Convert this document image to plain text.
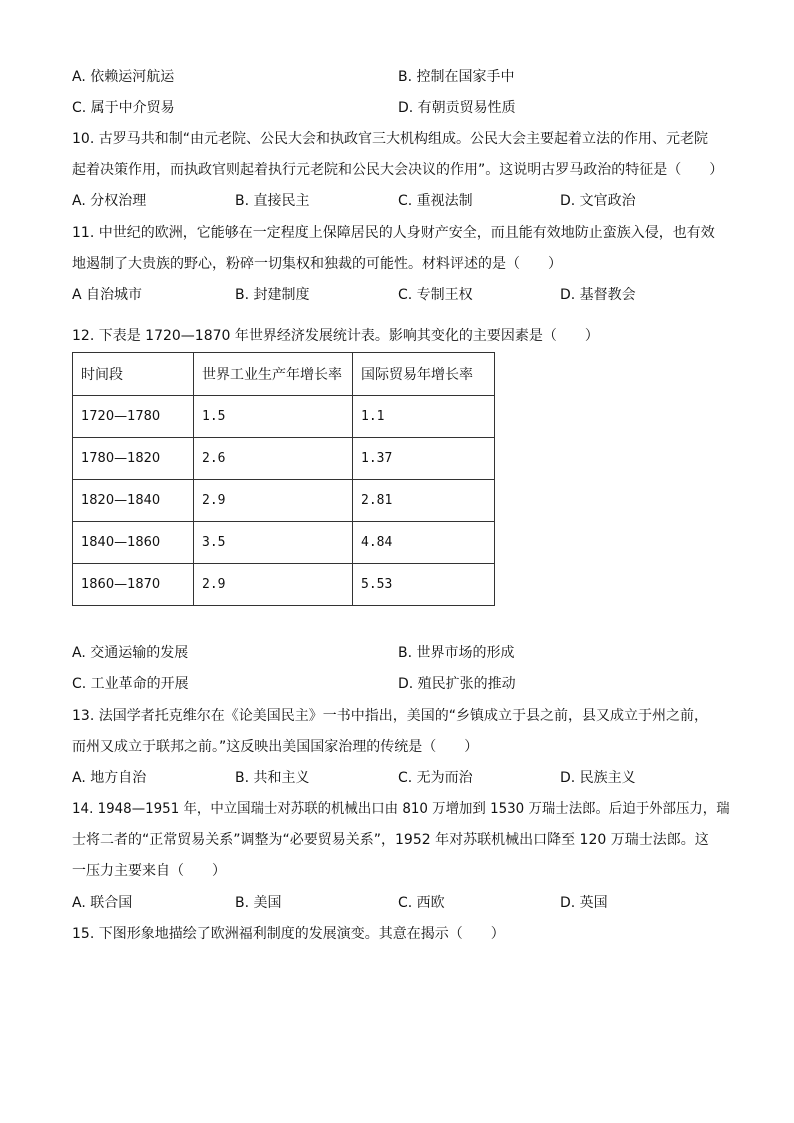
A. 依赖运河航运	B. 控制在国家手中
C. 属于中介贸易	D. 有朝贡贸易性质
10. 古罗马共和制“由元老院、公民大会和执政官三大机构组成。公民大会主要起着立法的作用、元老院
起着决策作用，而执政官则起着执行元老院和公民大会决议的作用”。这说明古罗马政治的特征是（　　）
A. 分权治理	B. 直接民主	C. 重视法制	D. 文官政治
11. 中世纪的欧洲，它能够在一定程度上保障居民的人身财产安全，而且能有效地防止蛮族入侵，也有效
地遏制了大贵族的野心，粉碎一切集权和独裁的可能性。材料评述的是（　　）
A 自治城市	B. 封建制度	C. 专制王权	D. 基督教会
12. 下表是 1720—1870 年世界经济发展统计表。影响其变化的主要因素是（　　）
时间段	世界工业生产年增长率	国际贸易年增长率
1720—1780	1.5	1.1
1780—1820	2.6	1.37
1820—1840	2.9	2.81
1840—1860	3.5	4.84
1860—1870	2.9	5.53
A. 交通运输的发展	B. 世界市场的形成
C. 工业革命的开展	D. 殖民扩张的推动
13. 法国学者托克维尔在《论美国民主》一书中指出，美国的“乡镇成立于县之前，县又成立于州之前，
而州又成立于联邦之前。”这反映出美国国家治理的传统是（　　）
A. 地方自治	B. 共和主义	C. 无为而治	D. 民族主义
14. 1948—1951 年，中立国瑞士对苏联的机械出口由 810 万增加到 1530 万瑞士法郎。后迫于外部压力，瑞
士将二者的“正常贸易关系”调整为“必要贸易关系”，1952 年对苏联机械出口降至 120 万瑞士法郎。这
一压力主要来自（　　）
A. 联合国	B. 美国	C. 西欧	D. 英国
15. 下图形象地描绘了欧洲福利制度的发展演变。其意在揭示（　　）
